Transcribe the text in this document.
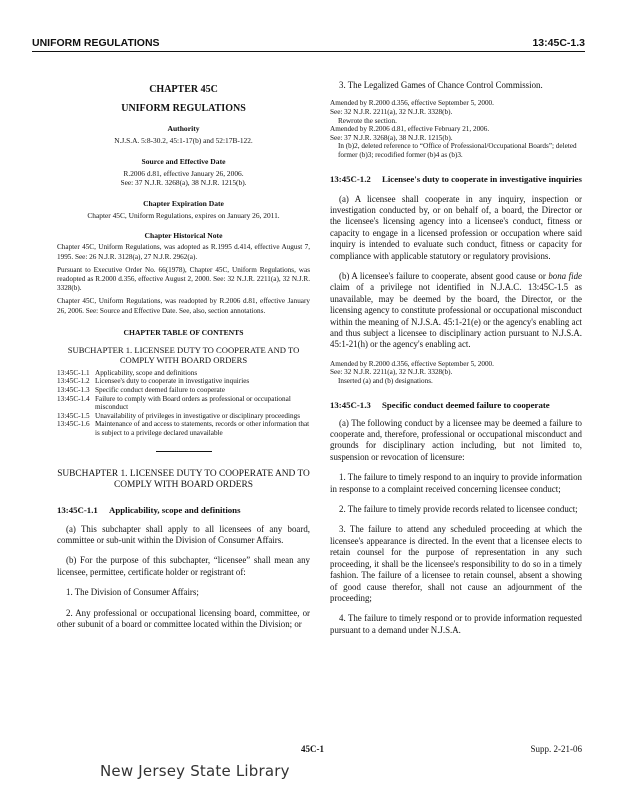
UNIFORM REGULATIONS	13:45C-1.3
CHAPTER 45C
UNIFORM REGULATIONS
Authority
N.J.S.A. 5:8-30.2, 45:1-17(b) and 52:17B-122.
Source and Effective Date
R.2006 d.81, effective January 26, 2006.
See: 37 N.J.R. 3268(a), 38 N.J.R. 1215(b).
Chapter Expiration Date
Chapter 45C, Uniform Regulations, expires on January 26, 2011.
Chapter Historical Note

Chapter 45C, Uniform Regulations, was adopted as R.1995 d.414, effective August 7, 1995. See: 26 N.J.R. 3128(a), 27 N.J.R. 2962(a).

Pursuant to Executive Order No. 66(1978), Chapter 45C, Uniform Regulations, was readopted as R.2000 d.356, effective August 2, 2000. See: 32 N.J.R. 2211(a), 32 N.J.R. 3328(b).

Chapter 45C, Uniform Regulations, was readopted by R.2006 d.81, effective January 26, 2006. See: Source and Effective Date. See, also, section annotations.

CHAPTER TABLE OF CONTENTS
SUBCHAPTER 1. LICENSEE DUTY TO COOPERATE AND TO COMPLY WITH BOARD ORDERS
13:45C-1.1 Applicability, scope and definitions
13:45C-1.2 Licensee's duty to cooperate in investigative inquiries
13:45C-1.3 Specific conduct deemed failure to cooperate
13:45C-1.4 Failure to comply with Board orders as professional or occupational misconduct
13:45C-1.5 Unavailability of privileges in investigative or disciplinary proceedings
13:45C-1.6 Maintenance of and access to statements, records or other information that is subject to a privilege declared unavailable
SUBCHAPTER 1. LICENSEE DUTY TO COOPERATE AND TO COMPLY WITH BOARD ORDERS
13:45C-1.1 Applicability, scope and definitions

(a) This subchapter shall apply to all licensees of any board, committee or sub-unit within the Division of Consumer Affairs.

(b) For the purpose of this subchapter, “licensee” shall mean any licensee, permittee, certificate holder or registrant of:

1. The Division of Consumer Affairs;

2. Any professional or occupational licensing board, committee, or other subunit of a board or committee located within the Division; or

3. The Legalized Games of Chance Control Commission.

Amended by R.2000 d.356, effective September 5, 2000.
See: 32 N.J.R. 2211(a), 32 N.J.R. 3328(b).
Rewrote the section.
Amended by R.2006 d.81, effective February 21, 2006.
See: 37 N.J.R. 3268(a), 38 N.J.R. 1215(b).
In (b)2, deleted reference to “Office of Professional/Occupational Boards”; deleted former (b)3; recodified former (b)4 as (b)3.
13:45C-1.2	Licensee's duty to cooperate in investigative inquiries

(a) A licensee shall cooperate in any inquiry, inspection or investigation conducted by, or on behalf of, a board, the Director or the licensee's licensing agency into a licensee's conduct, fitness or capacity to engage in a licensed profession or occupation where said inquiry is intended to evaluate such conduct, fitness or capacity for compliance with applicable statutory or regulatory provisions.

(b) A licensee's failure to cooperate, absent good cause or bona fide claim of a privilege not identified in N.J.A.C. 13:45C-1.5 as unavailable, may be deemed by the board, the Director, or the licensing agency to constitute professional or occupational misconduct within the meaning of N.J.S.A. 45:1-21(e) or the agency's enabling act and thus subject a licensee to disciplinary action pursuant to N.J.S.A. 45:1-21(h) or the agency's enabling act.

Amended by R.2000 d.356, effective September 5, 2000.
See: 32 N.J.R. 2211(a), 32 N.J.R. 3328(b).
Inserted (a) and (b) designations.
13:45C-1.3	Specific conduct deemed failure to cooperate

(a) The following conduct by a licensee may be deemed a failure to cooperate and, therefore, professional or occupational misconduct and grounds for disciplinary action including, but not limited to, suspension or revocation of licensure:

1. The failure to timely respond to an inquiry to provide information in response to a complaint received concerning licensee conduct;

2. The failure to timely provide records related to licensee conduct;

3. The failure to attend any scheduled proceeding at which the licensee's appearance is directed. In the event that a licensee elects to retain counsel for the purpose of representation in any such proceeding, it shall be the licensee's responsibility to do so in a timely fashion. The failure of a licensee to retain counsel, absent a showing of good cause therefor, shall not cause an adjournment of the proceeding;

4. The failure to timely respond or to provide information requested pursuant to a demand under N.J.S.A.

45C-1	Supp. 2-21-06
New Jersey State Library
